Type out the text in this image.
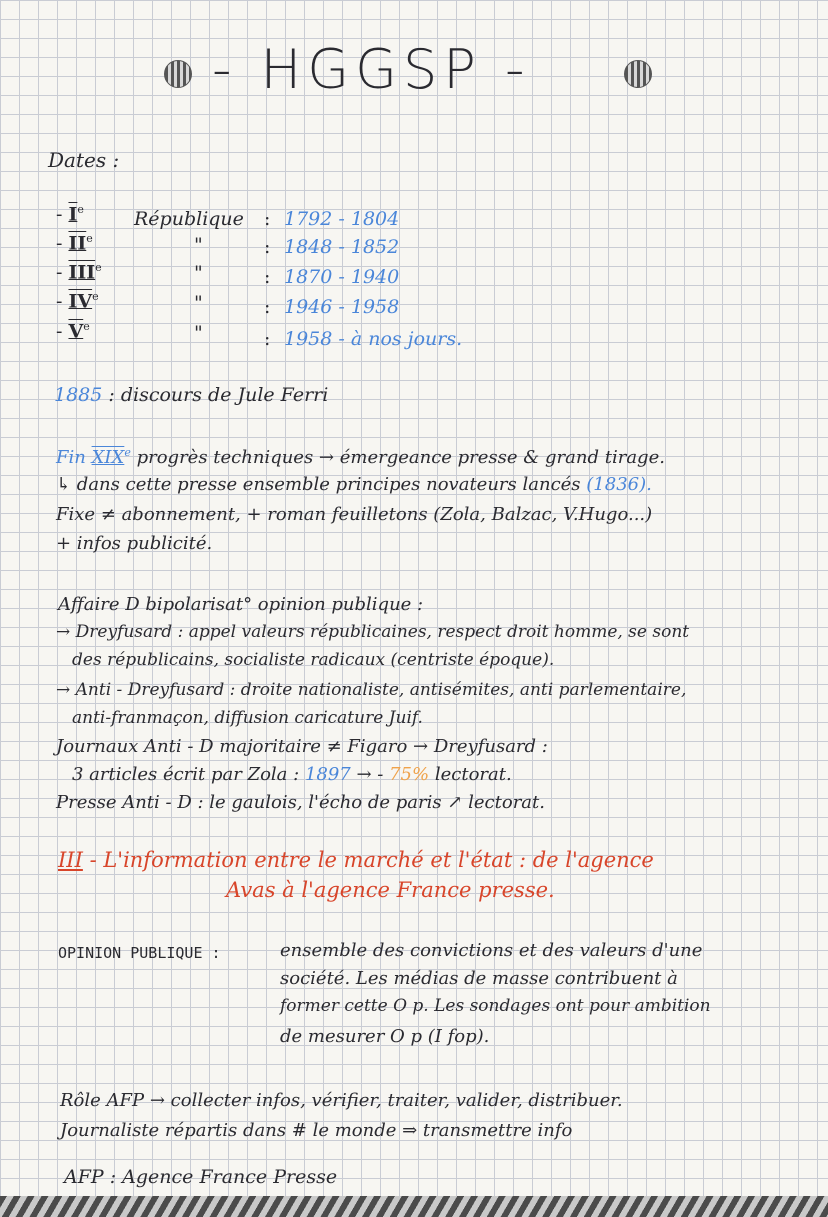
- HGGSP -
Dates :
- Ie	République : 1792 - 1804
- IIe	"	: 1848 - 1852
- IIIe	"	: 1870 - 1940
- IVe	"	: 1946 - 1958
- Ve	"	: 1958 - à nos jours.
1885 : discours de Jule Ferri
Fin XIXe progrès techniques → émergeance presse & grand tirage.
↳ dans cette presse ensemble principes novateurs lancés (1836).
Fixe ≠ abonnement, + roman feuilletons (Zola, Balzac, V.Hugo...)
+ infos publicité.
Affaire D bipolarisat° opinion publique :
→ Dreyfusard : appel valeurs républicaines, respect droit homme, se sont
des républicains, socialiste radicaux (centriste époque).
→ Anti - Dreyfusard : droite nationaliste, antisémites, anti parlementaire,
anti-franmaçon, diffusion caricature Juif.
Journaux Anti - D majoritaire ≠ Figaro → Dreyfusard :
3 articles écrit par Zola : 1897 → - 75% lectorat.
Presse Anti - D : le gaulois, l'écho de paris ↗ lectorat.
III - L'information entre le marché et l'état : de l'agence
Avas à l'agence France presse.
OPINION PUBLIQUE :	ensemble des convictions et des valeurs d'une
société. Les médias de masse contribuent à
former cette O p. Les sondages ont pour ambition
de mesurer O p (I fop).
Rôle AFP → collecter infos, vérifier, traiter, valider, distribuer.
Journaliste répartis dans # le monde ⇒ transmettre info
AFP : Agence France Presse
